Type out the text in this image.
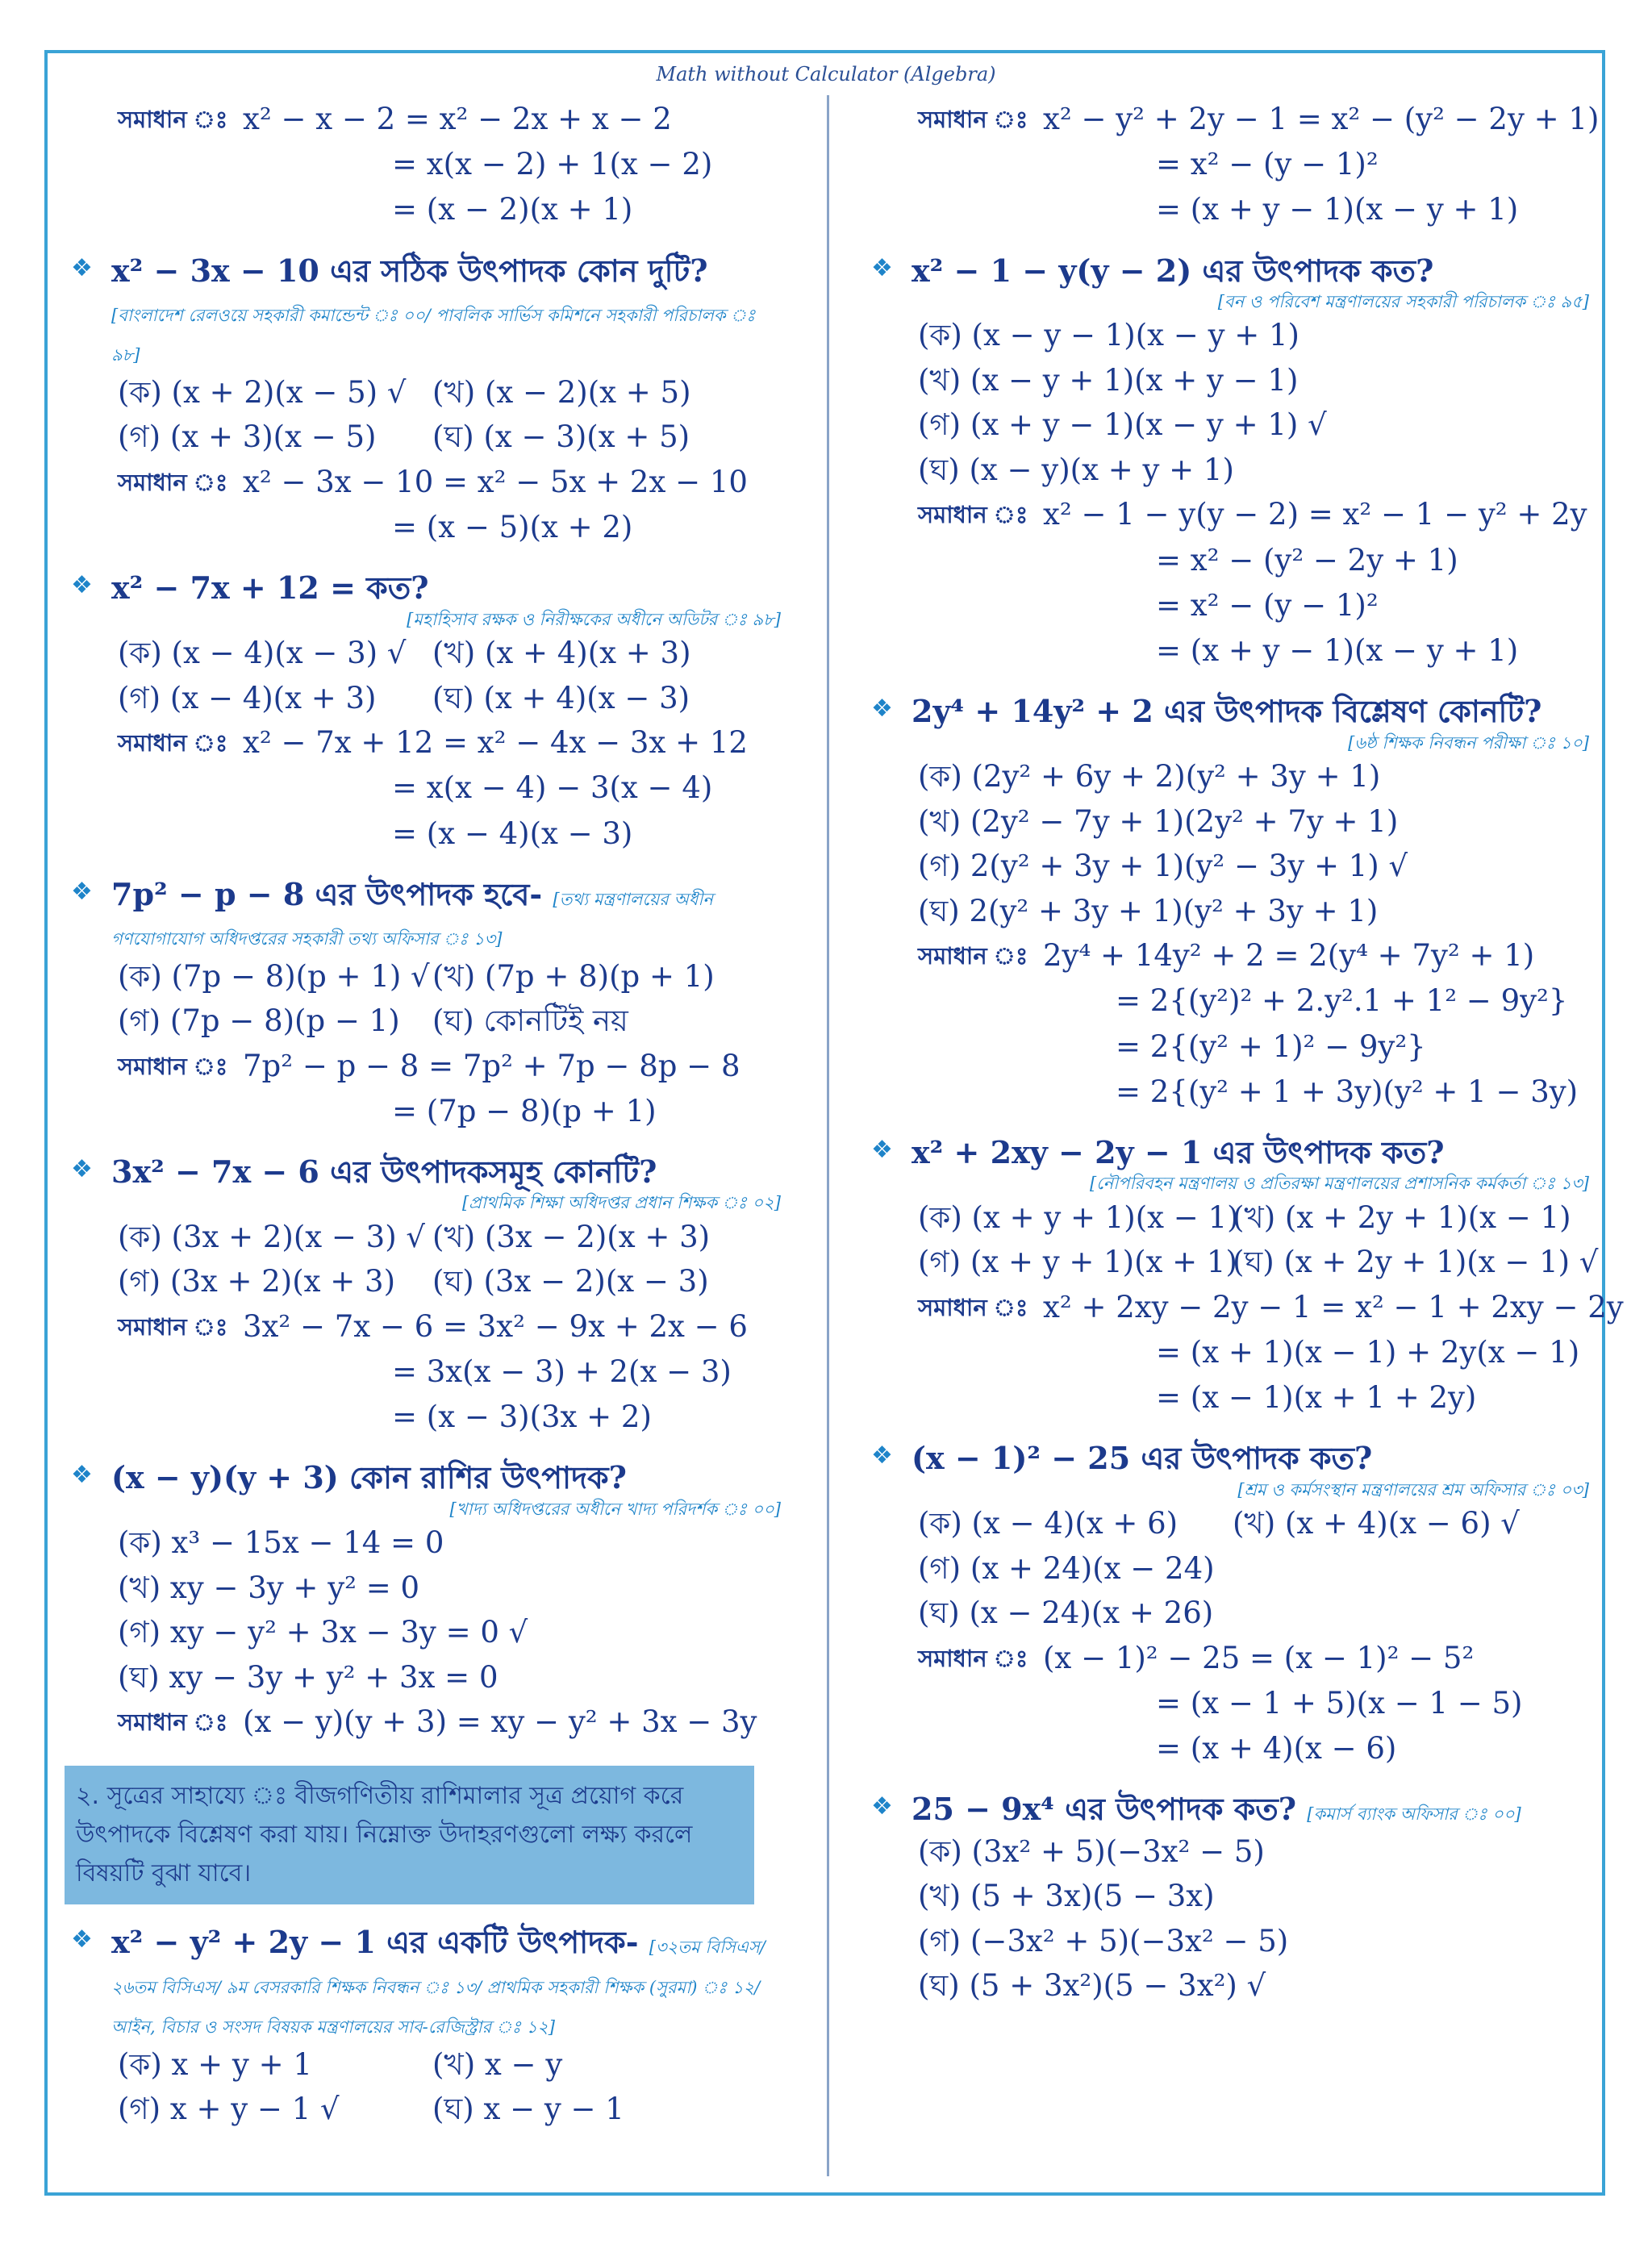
Math without Calculator (Algebra)
সমাধান ঃ x² − x − 2 = x² − 2x + x − 2
= x(x − 2) + 1(x − 2)
= (x − 2)(x + 1)
❖ x² − 3x − 10 এর সঠিক উৎপাদক কোন দুটি? [বাংলাদেশ রেলওয়ে সহকারী কমান্ডেন্ট ঃ ০০/ পাবলিক সার্ভিস কমিশনে সহকারী পরিচালক ঃ ৯৮]
(ক) (x + 2)(x − 5) √ (খ) (x − 2)(x + 5)
(গ) (x + 3)(x − 5)	(ঘ) (x − 3)(x + 5)
সমাধান ঃ x² − 3x − 10 = x² − 5x + 2x − 10
= (x − 5)(x + 2)
❖ x² − 7x + 12 = কত?
[মহাহিসাব রক্ষক ও নিরীক্ষকের অধীনে অডিটর ঃ ৯৮]
(ক) (x − 4)(x − 3) √ (খ) (x + 4)(x + 3)
(গ) (x − 4)(x + 3)	(ঘ) (x + 4)(x − 3)
সমাধান ঃ x² − 7x + 12 = x² − 4x − 3x + 12
= x(x − 4) − 3(x − 4)
= (x − 4)(x − 3)
❖ 7p² − p − 8 এর উৎপাদক হবে- [তথ্য মন্ত্রণালয়ের অধীন গণযোগাযোগ অধিদপ্তরের সহকারী তথ্য অফিসার ঃ ১৩]
(ক) (7p − 8)(p + 1) √ (খ) (7p + 8)(p + 1)
(গ) (7p − 8)(p − 1)	(ঘ) কোনটিই নয়
সমাধান ঃ 7p² − p − 8 = 7p² + 7p − 8p − 8
= (7p − 8)(p + 1)
❖ 3x² − 7x − 6 এর উৎপাদকসমূহ কোনটি?
[প্রাথমিক শিক্ষা অধিদপ্তর প্রধান শিক্ষক ঃ ০২]
(ক) (3x + 2)(x − 3) √ (খ) (3x − 2)(x + 3)
(গ) (3x + 2)(x + 3)	(ঘ) (3x − 2)(x − 3)
সমাধান ঃ 3x² − 7x − 6 = 3x² − 9x + 2x − 6
= 3x(x − 3) + 2(x − 3)
= (x − 3)(3x + 2)
❖ (x − y)(y + 3) কোন রাশির উৎপাদক?
[খাদ্য অধিদপ্তরের অধীনে খাদ্য পরিদর্শক ঃ ০০]
(ক) x³ − 15x − 14 = 0
(খ) xy − 3y + y² = 0
(গ) xy − y² + 3x − 3y = 0 √
(ঘ) xy − 3y + y² + 3x = 0
সমাধান ঃ (x − y)(y + 3) = xy − y² + 3x − 3y
২. সূত্রের সাহায্যে ঃ বীজগণিতীয় রাশিমালার সূত্র প্রয়োগ করে উৎপাদকে বিশ্লেষণ করা যায়। নিম্নোক্ত উদাহরণগুলো লক্ষ্য করলে বিষয়টি বুঝা যাবে।
❖ x² − y² + 2y − 1 এর একটি উৎপাদক- [৩২তম বিসিএস/ ২৬তম বিসিএস/ ৯ম বেসরকারি শিক্ষক নিবন্ধন ঃ ১৩/ প্রাথমিক সহকারী শিক্ষক (সুরমা) ঃ ১২/ আইন, বিচার ও সংসদ বিষয়ক মন্ত্রণালয়ের সাব-রেজিস্ট্রার ঃ ১২]
(ক) x + y + 1	(খ) x − y
(গ) x + y − 1 √	(ঘ) x − y − 1
সমাধান ঃ x² − y² + 2y − 1 = x² − (y² − 2y + 1)
= x² − (y − 1)²
= (x + y − 1)(x − y + 1)
❖ x² − 1 − y(y − 2) এর উৎপাদক কত?
[বন ও পরিবেশ মন্ত্রণালয়ের সহকারী পরিচালক ঃ ৯৫]
(ক) (x − y − 1)(x − y + 1)
(খ) (x − y + 1)(x + y − 1)
(গ) (x + y − 1)(x − y + 1) √
(ঘ) (x − y)(x + y + 1)
সমাধান ঃ x² − 1 − y(y − 2) = x² − 1 − y² + 2y
= x² − (y² − 2y + 1)
= x² − (y − 1)²
= (x + y − 1)(x − y + 1)
❖ 2y⁴ + 14y² + 2 এর উৎপাদক বিশ্লেষণ কোনটি?
[৬ষ্ঠ শিক্ষক নিবন্ধন পরীক্ষা ঃ ১০]
(ক) (2y² + 6y + 2)(y² + 3y + 1)
(খ) (2y² − 7y + 1)(2y² + 7y + 1)
(গ) 2(y² + 3y + 1)(y² − 3y + 1) √
(ঘ) 2(y² + 3y + 1)(y² + 3y + 1)
সমাধান ঃ 2y⁴ + 14y² + 2 = 2(y⁴ + 7y² + 1)
= 2{(y²)² + 2.y².1 + 1² − 9y²}
= 2{(y² + 1)² − 9y²}
= 2{(y² + 1 + 3y)(y² + 1 − 3y)
❖ x² + 2xy − 2y − 1 এর উৎপাদক কত?
[নৌপরিবহন মন্ত্রণালয় ও প্রতিরক্ষা মন্ত্রণালয়ের প্রশাসনিক কর্মকর্তা ঃ ১৩]
(ক) (x + y + 1)(x − 1)
(খ) (x + 2y + 1)(x − 1)
(গ) (x + y + 1)(x + 1)
(ঘ) (x + 2y + 1)(x − 1) √
সমাধান ঃ x² + 2xy − 2y − 1 = x² − 1 + 2xy − 2y
= (x + 1)(x − 1) + 2y(x − 1)
= (x − 1)(x + 1 + 2y)
❖ (x − 1)² − 25 এর উৎপাদক কত?
[শ্রম ও কর্মসংস্থান মন্ত্রণালয়ের শ্রম অফিসার ঃ ০৩]
(ক) (x − 4)(x + 6)	(খ) (x + 4)(x − 6) √
(গ) (x + 24)(x − 24)
(ঘ) (x − 24)(x + 26)
সমাধান ঃ (x − 1)² − 25 = (x − 1)² − 5²
= (x − 1 + 5)(x − 1 − 5)
= (x + 4)(x − 6)
❖ 25 − 9x⁴ এর উৎপাদক কত? [কমার্স ব্যাংক অফিসার ঃ ০০]
(ক) (3x² + 5)(−3x² − 5)
(খ) (5 + 3x)(5 − 3x)
(গ) (−3x² + 5)(−3x² − 5)
(ঘ) (5 + 3x²)(5 − 3x²) √
